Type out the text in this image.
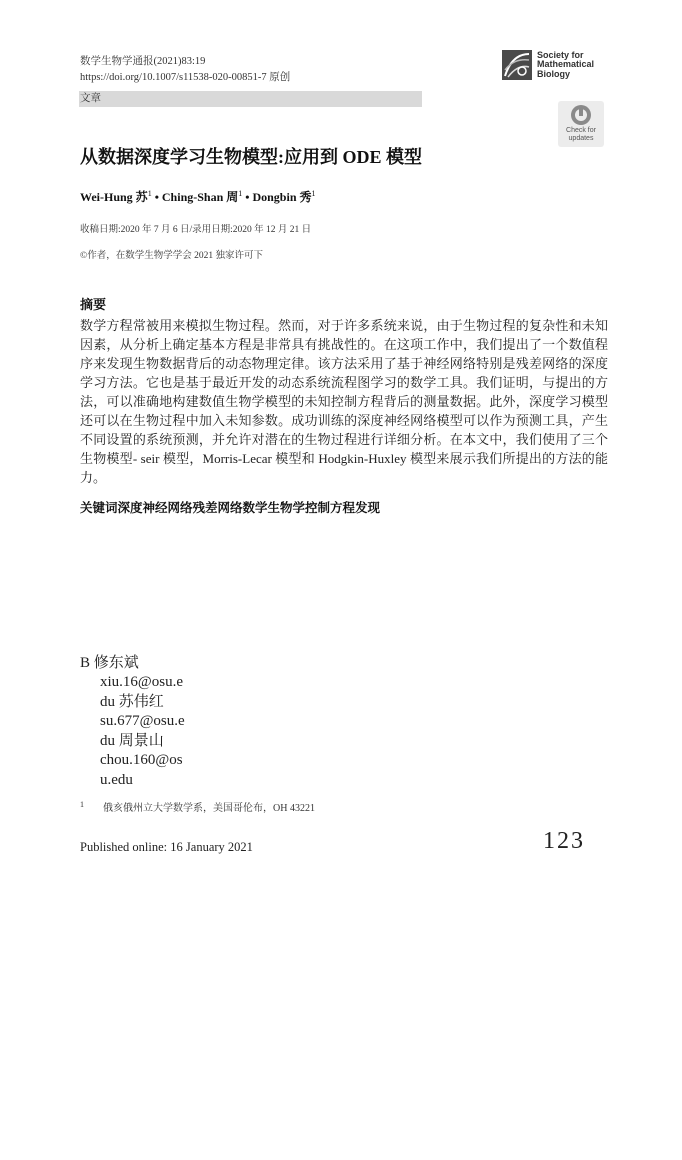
数学生物学通报(2021)83:19
https://doi.org/10.1007/s11538-020-00851-7 原创
文章
Society for
Mathematical
Biology
Check for
updates
从数据深度学习生物模型:应用到 ODE 模型
Wei-Hung 苏$^1$ • Ching-Shan 周$^1$ • Dongbin 秀$^1$
收稿日期:2020 年 7 月 6 日/录用日期:2020 年 12 月 21 日
©作者，在数学生物学学会 2021 独家许可下
摘要
数学方程常被用来模拟生物过程。然而，对于许多系统来说，由于生物过程的复杂性和未知因素，从分析上确定基本方程是非常具有挑战性的。在这项工作中，我们提出了一个数值程序来发现生物数据背后的动态物理定律。该方法采用了基于神经网络特别是残差网络的深度学习方法。它也是基于最近开发的动态系统流程图学习的数学工具。我们证明，与提出的方法，可以准确地构建数值生物学模型的未知控制方程背后的测量数据。此外，深度学习模型还可以在生物过程中加入未知参数。成功训练的深度神经网络模型可以作为预测工具，产生不同设置的系统预测，并允许对潜在的生物过程进行详细分析。在本文中，我们使用了三个生物模型- seir 模型，Morris-Lecar 模型和 Hodgkin-Huxley 模型来展示我们所提出的方法的能力。
关键词深度神经网络残差网络数学生物学控制方程发现
B 修东斌
xiu.16@osu.e
du 苏伟红
su.677@osu.e
du 周景山
chou.160@os
u.edu
1 俄亥俄州立大学数学系，美国哥伦布，OH 43221
Published online: 16 January 2021	123
